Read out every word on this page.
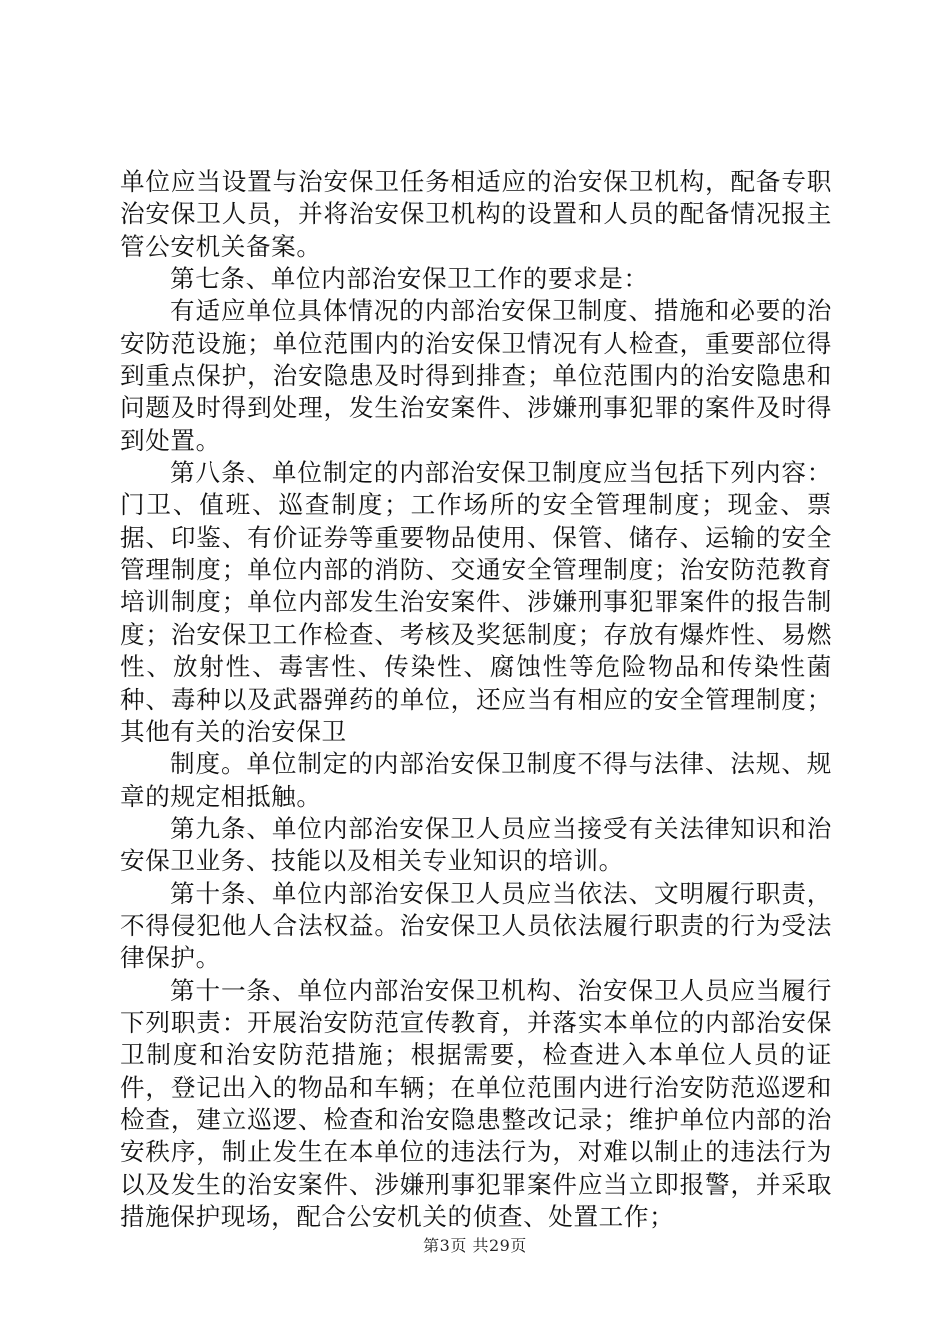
单位应当设置与治安保卫任务相适应的治安保卫机构，配备专职治安保卫人员，并将治安保卫机构的设置和人员的配备情况报主管公安机关备案。

第七条、单位内部治安保卫工作的要求是：

有适应单位具体情况的内部治安保卫制度、措施和必要的治安防范设施；单位范围内的治安保卫情况有人检查，重要部位得到重点保护，治安隐患及时得到排查；单位范围内的治安隐患和问题及时得到处理，发生治安案件、涉嫌刑事犯罪的案件及时得到处置。

第八条、单位制定的内部治安保卫制度应当包括下列内容：门卫、值班、巡查制度；工作场所的安全管理制度；现金、票据、印鉴、有价证券等重要物品使用、保管、储存、运输的安全管理制度；单位内部的消防、交通安全管理制度；治安防范教育培训制度；单位内部发生治安案件、涉嫌刑事犯罪案件的报告制度；治安保卫工作检查、考核及奖惩制度；存放有爆炸性、易燃性、放射性、毒害性、传染性、腐蚀性等危险物品和传染性菌种、毒种以及武器弹药的单位，还应当有相应的安全管理制度；其他有关的治安保卫

制度。单位制定的内部治安保卫制度不得与法律、法规、规章的规定相抵触。

第九条、单位内部治安保卫人员应当接受有关法律知识和治安保卫业务、技能以及相关专业知识的培训。

第十条、单位内部治安保卫人员应当依法、文明履行职责，不得侵犯他人合法权益。治安保卫人员依法履行职责的行为受法律保护。

第十一条、单位内部治安保卫机构、治安保卫人员应当履行下列职责：开展治安防范宣传教育，并落实本单位的内部治安保卫制度和治安防范措施；根据需要，检查进入本单位人员的证件，登记出入的物品和车辆；在单位范围内进行治安防范巡逻和检查，建立巡逻、检查和治安隐患整改记录；维护单位内部的治安秩序，制止发生在本单位的违法行为，对难以制止的违法行为以及发生的治安案件、涉嫌刑事犯罪案件应当立即报警，并采取措施保护现场，配合公安机关的侦查、处置工作；

第3页 共29页
